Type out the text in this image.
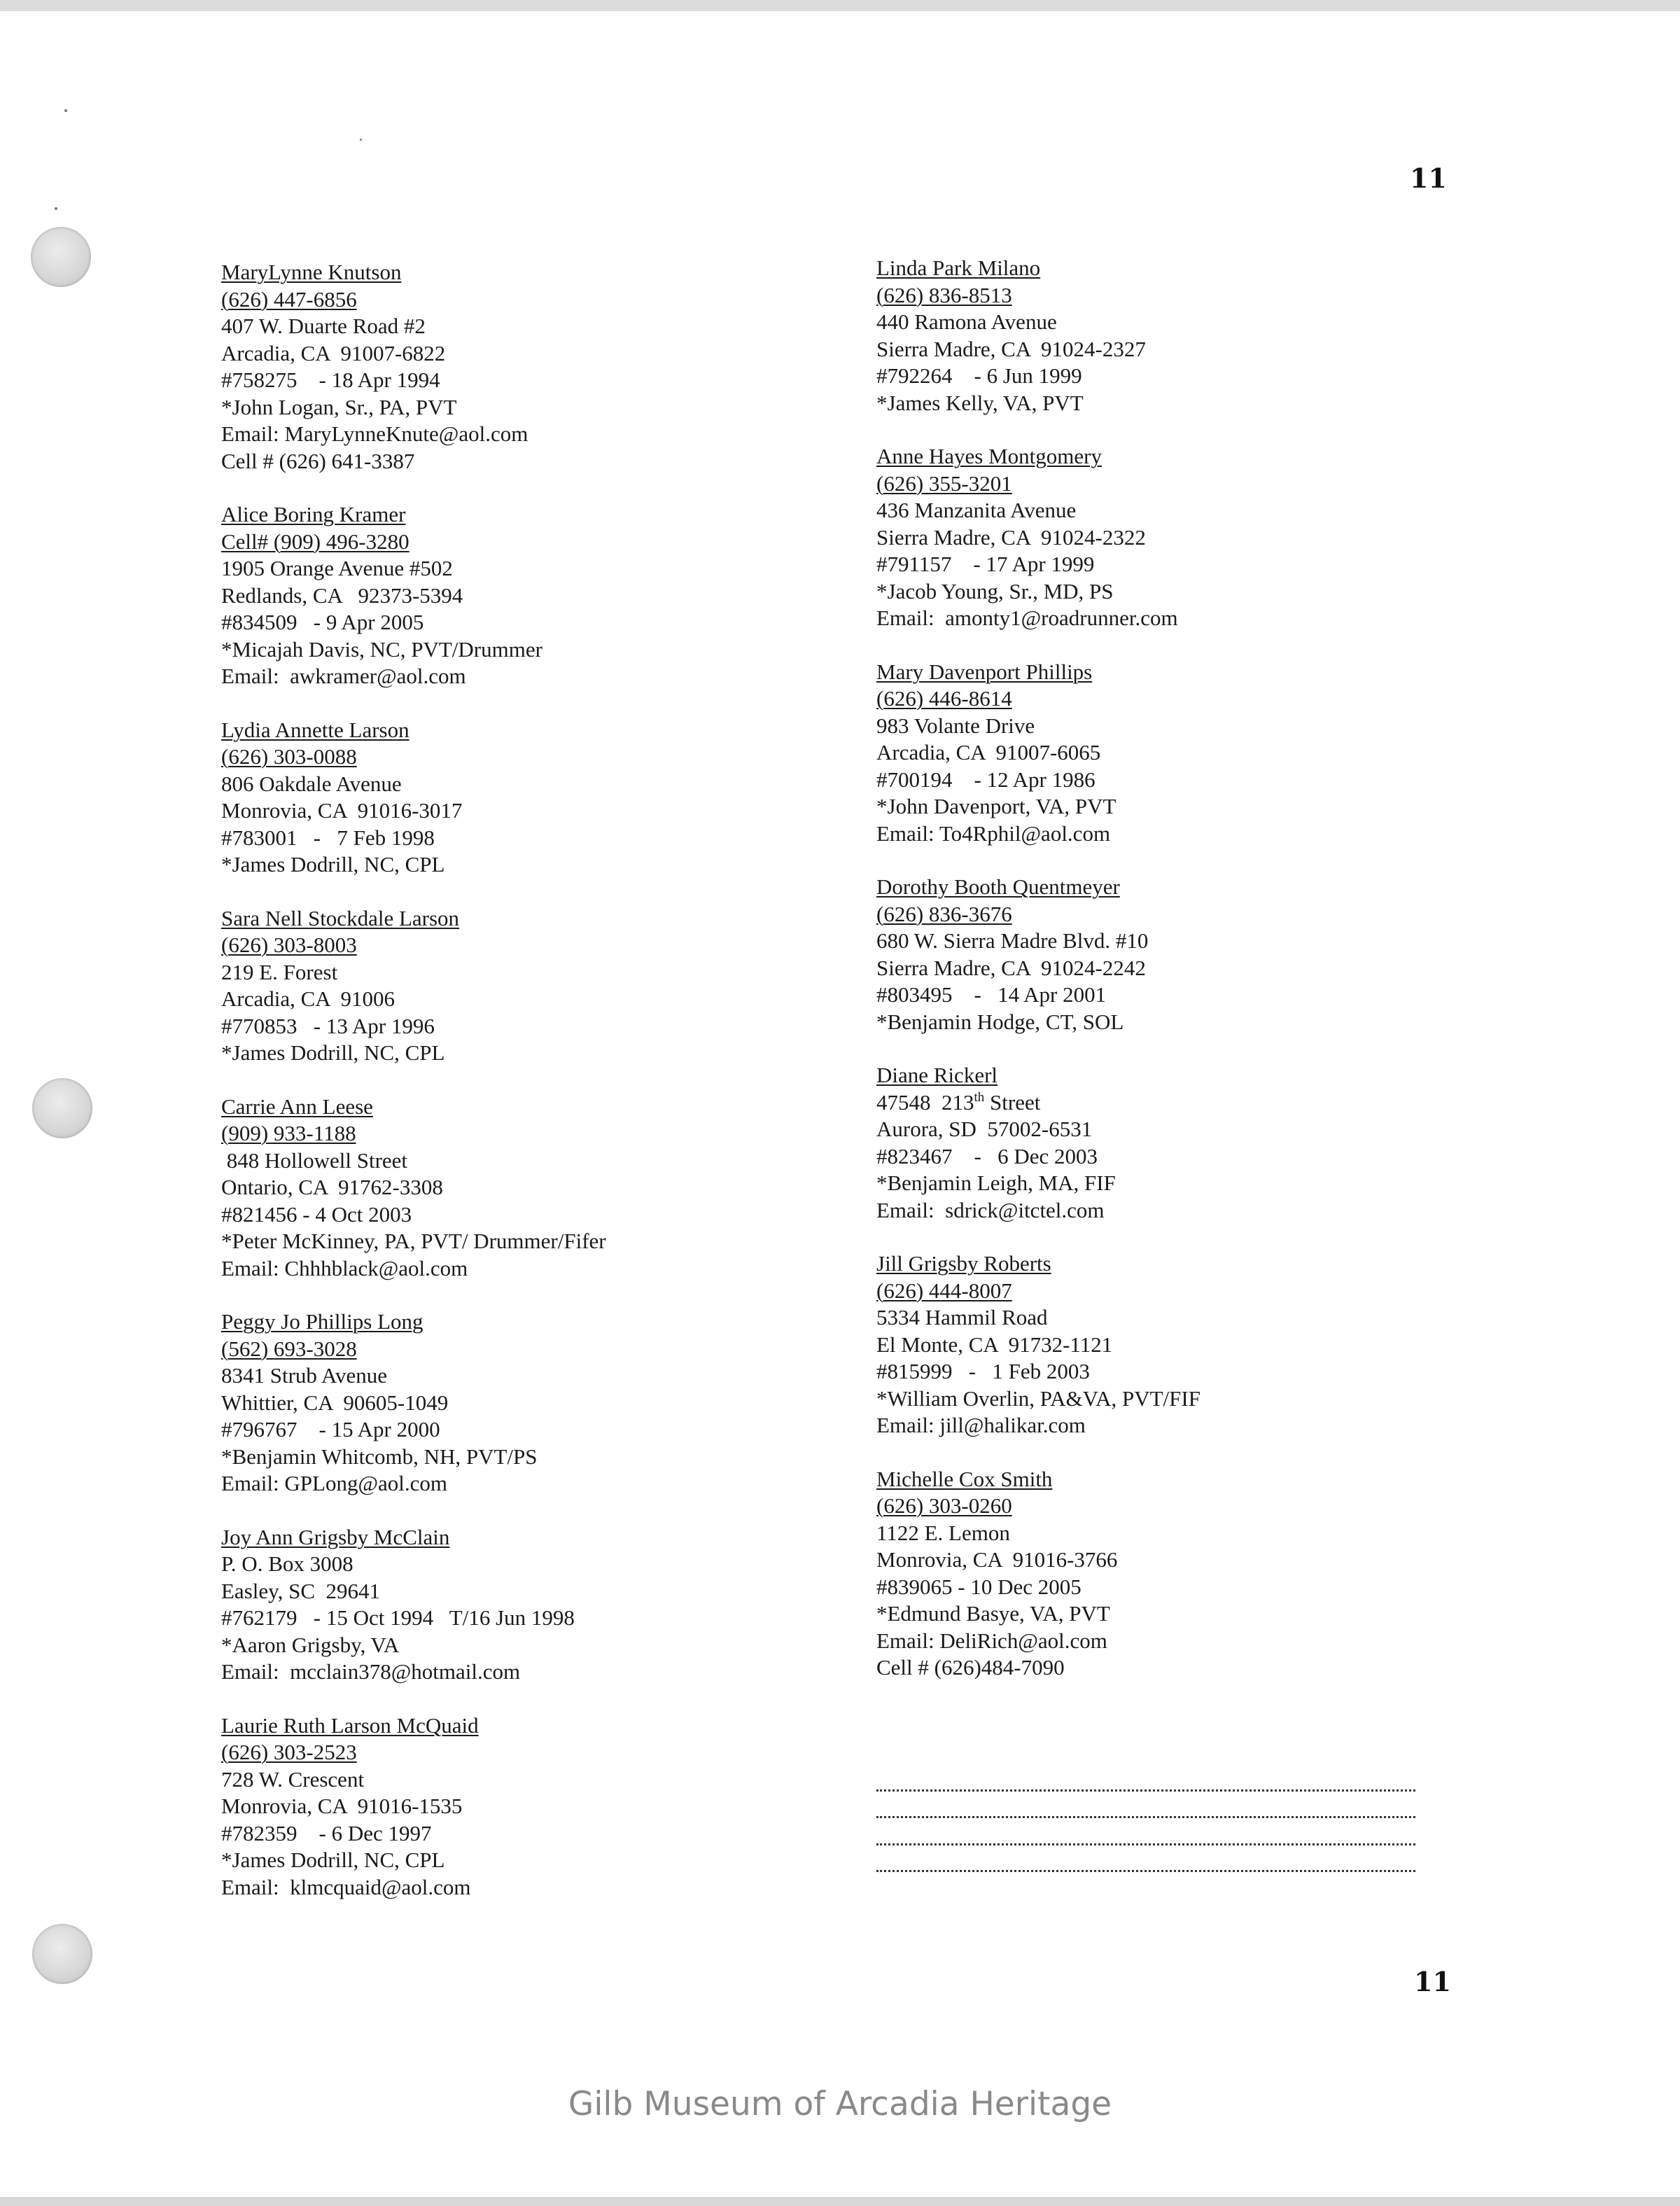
11
11
MaryLynne Knutson
(626) 447-6856
407 W. Duarte Road #2
Arcadia, CA  91007-6822
#758275    - 18 Apr 1994
*John Logan, Sr., PA, PVT
Email: MaryLynneKnute@aol.com
Cell # (626) 641-3387
Alice Boring Kramer
Cell# (909) 496-3280
1905 Orange Avenue #502
Redlands, CA   92373-5394
#834509   - 9 Apr 2005
*Micajah Davis, NC, PVT/Drummer
Email:  awkramer@aol.com
Lydia Annette Larson
(626) 303-0088
806 Oakdale Avenue
Monrovia, CA  91016-3017
#783001   -   7 Feb 1998
*James Dodrill, NC, CPL
Sara Nell Stockdale Larson
(626) 303-8003
219 E. Forest
Arcadia, CA  91006
#770853   - 13 Apr 1996
*James Dodrill, NC, CPL
Carrie Ann Leese
(909) 933-1188
848 Hollowell Street
Ontario, CA  91762-3308
#821456 - 4 Oct 2003
*Peter McKinney, PA, PVT/ Drummer/Fifer
Email: Chhhblack@aol.com
Peggy Jo Phillips Long
(562) 693-3028
8341 Strub Avenue
Whittier, CA  90605-1049
#796767    - 15 Apr 2000
*Benjamin Whitcomb, NH, PVT/PS
Email: GPLong@aol.com
Joy Ann Grigsby McClain
P. O. Box 3008
Easley, SC  29641
#762179   - 15 Oct 1994   T/16 Jun 1998
*Aaron Grigsby, VA
Email:  mcclain378@hotmail.com
Laurie Ruth Larson McQuaid
(626) 303-2523
728 W. Crescent
Monrovia, CA  91016-1535
#782359    - 6 Dec 1997
*James Dodrill, NC, CPL
Email:  klmcquaid@aol.com
Linda Park Milano
(626) 836-8513
440 Ramona Avenue
Sierra Madre, CA  91024-2327
#792264    - 6 Jun 1999
*James Kelly, VA, PVT
Anne Hayes Montgomery
(626) 355-3201
436 Manzanita Avenue
Sierra Madre, CA  91024-2322
#791157    - 17 Apr 1999
*Jacob Young, Sr., MD, PS
Email:  amonty1@roadrunner.com
Mary Davenport Phillips
(626) 446-8614
983 Volante Drive
Arcadia, CA  91007-6065
#700194    - 12 Apr 1986
*John Davenport, VA, PVT
Email: To4Rphil@aol.com
Dorothy Booth Quentmeyer
(626) 836-3676
680 W. Sierra Madre Blvd. #10
Sierra Madre, CA  91024-2242
#803495    -   14 Apr 2001
*Benjamin Hodge, CT, SOL
Diane Rickerl
47548 213th Street
Aurora, SD  57002-6531
#823467    -   6 Dec 2003
*Benjamin Leigh, MA, FIF
Email:  sdrick@itctel.com
Jill Grigsby Roberts
(626) 444-8007
5334 Hammil Road
El Monte, CA  91732-1121
#815999   -   1 Feb 2003
*William Overlin, PA&VA, PVT/FIF
Email: jill@halikar.com
Michelle Cox Smith
(626) 303-0260
1122 E. Lemon
Monrovia, CA  91016-3766
#839065 - 10 Dec 2005
*Edmund Basye, VA, PVT
Email: DeliRich@aol.com
Cell # (626)484-7090
Gilb Museum of Arcadia Heritage
